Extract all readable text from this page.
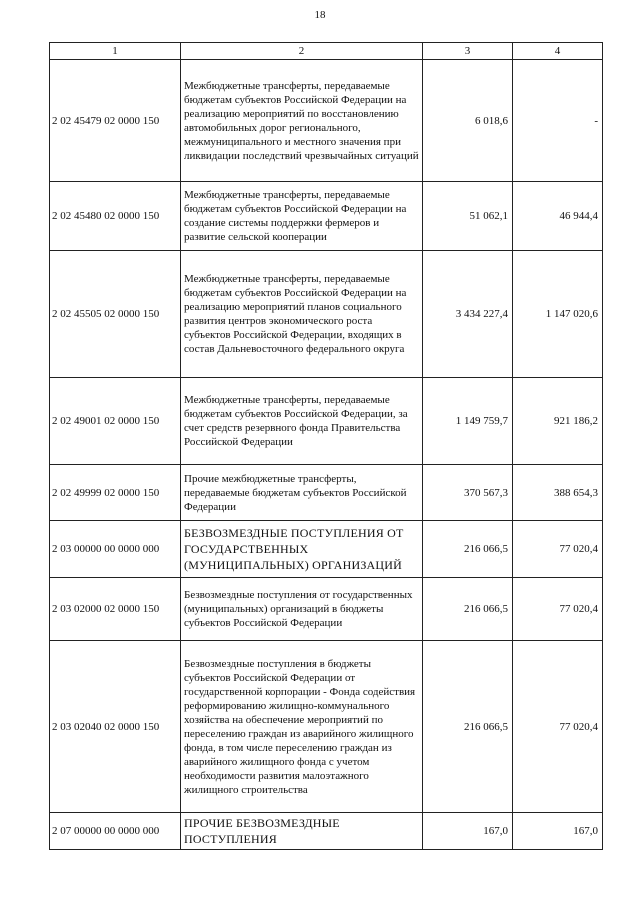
18
1	2	3	4
2 02 45479 02 0000 150	Межбюджетные трансферты, передаваемые бюджетам субъектов Российской Федерации на реализацию мероприятий по восстановлению автомобильных дорог регионального, межмуниципального и местного значения при ликвидации последствий чрезвычайных ситуаций	6 018,6	-
2 02 45480 02 0000 150	Межбюджетные трансферты, передаваемые бюджетам субъектов Российской Федерации на создание системы поддержки фермеров и развитие сельской кооперации	51 062,1	46 944,4
2 02 45505 02 0000 150	Межбюджетные трансферты, передаваемые бюджетам субъектов Российской Федерации на реализацию мероприятий планов социального развития центров экономического роста субъектов Российской Федерации, входящих в состав Дальневосточного федерального округа	3 434 227,4	1 147 020,6
2 02 49001 02 0000 150	Межбюджетные трансферты, передаваемые бюджетам субъектов Российской Федерации, за счет средств резервного фонда Правительства Российской Федерации	1 149 759,7	921 186,2
2 02 49999 02 0000 150	Прочие межбюджетные трансферты, передаваемые бюджетам субъектов Российской Федерации	370 567,3	388 654,3
2 03 00000 00 0000 000	БЕЗВОЗМЕЗДНЫЕ ПОСТУПЛЕНИЯ ОТ ГОСУДАРСТВЕННЫХ (МУНИЦИПАЛЬНЫХ) ОРГАНИЗАЦИЙ	216 066,5	77 020,4
2 03 02000 02 0000 150	Безвозмездные поступления от государственных (муниципальных) организаций в бюджеты субъектов Российской Федерации	216 066,5	77 020,4
2 03 02040 02 0000 150	Безвозмездные поступления в бюджеты субъектов Российской Федерации от государственной корпорации - Фонда содействия реформированию жилищно-коммунального хозяйства на обеспечение мероприятий по переселению граждан из аварийного жилищного фонда, в том числе переселению граждан из аварийного жилищного фонда с учетом необходимости развития малоэтажного жилищного строительства	216 066,5	77 020,4
2 07 00000 00 0000 000	ПРОЧИЕ БЕЗВОЗМЕЗДНЫЕ ПОСТУПЛЕНИЯ	167,0	167,0
